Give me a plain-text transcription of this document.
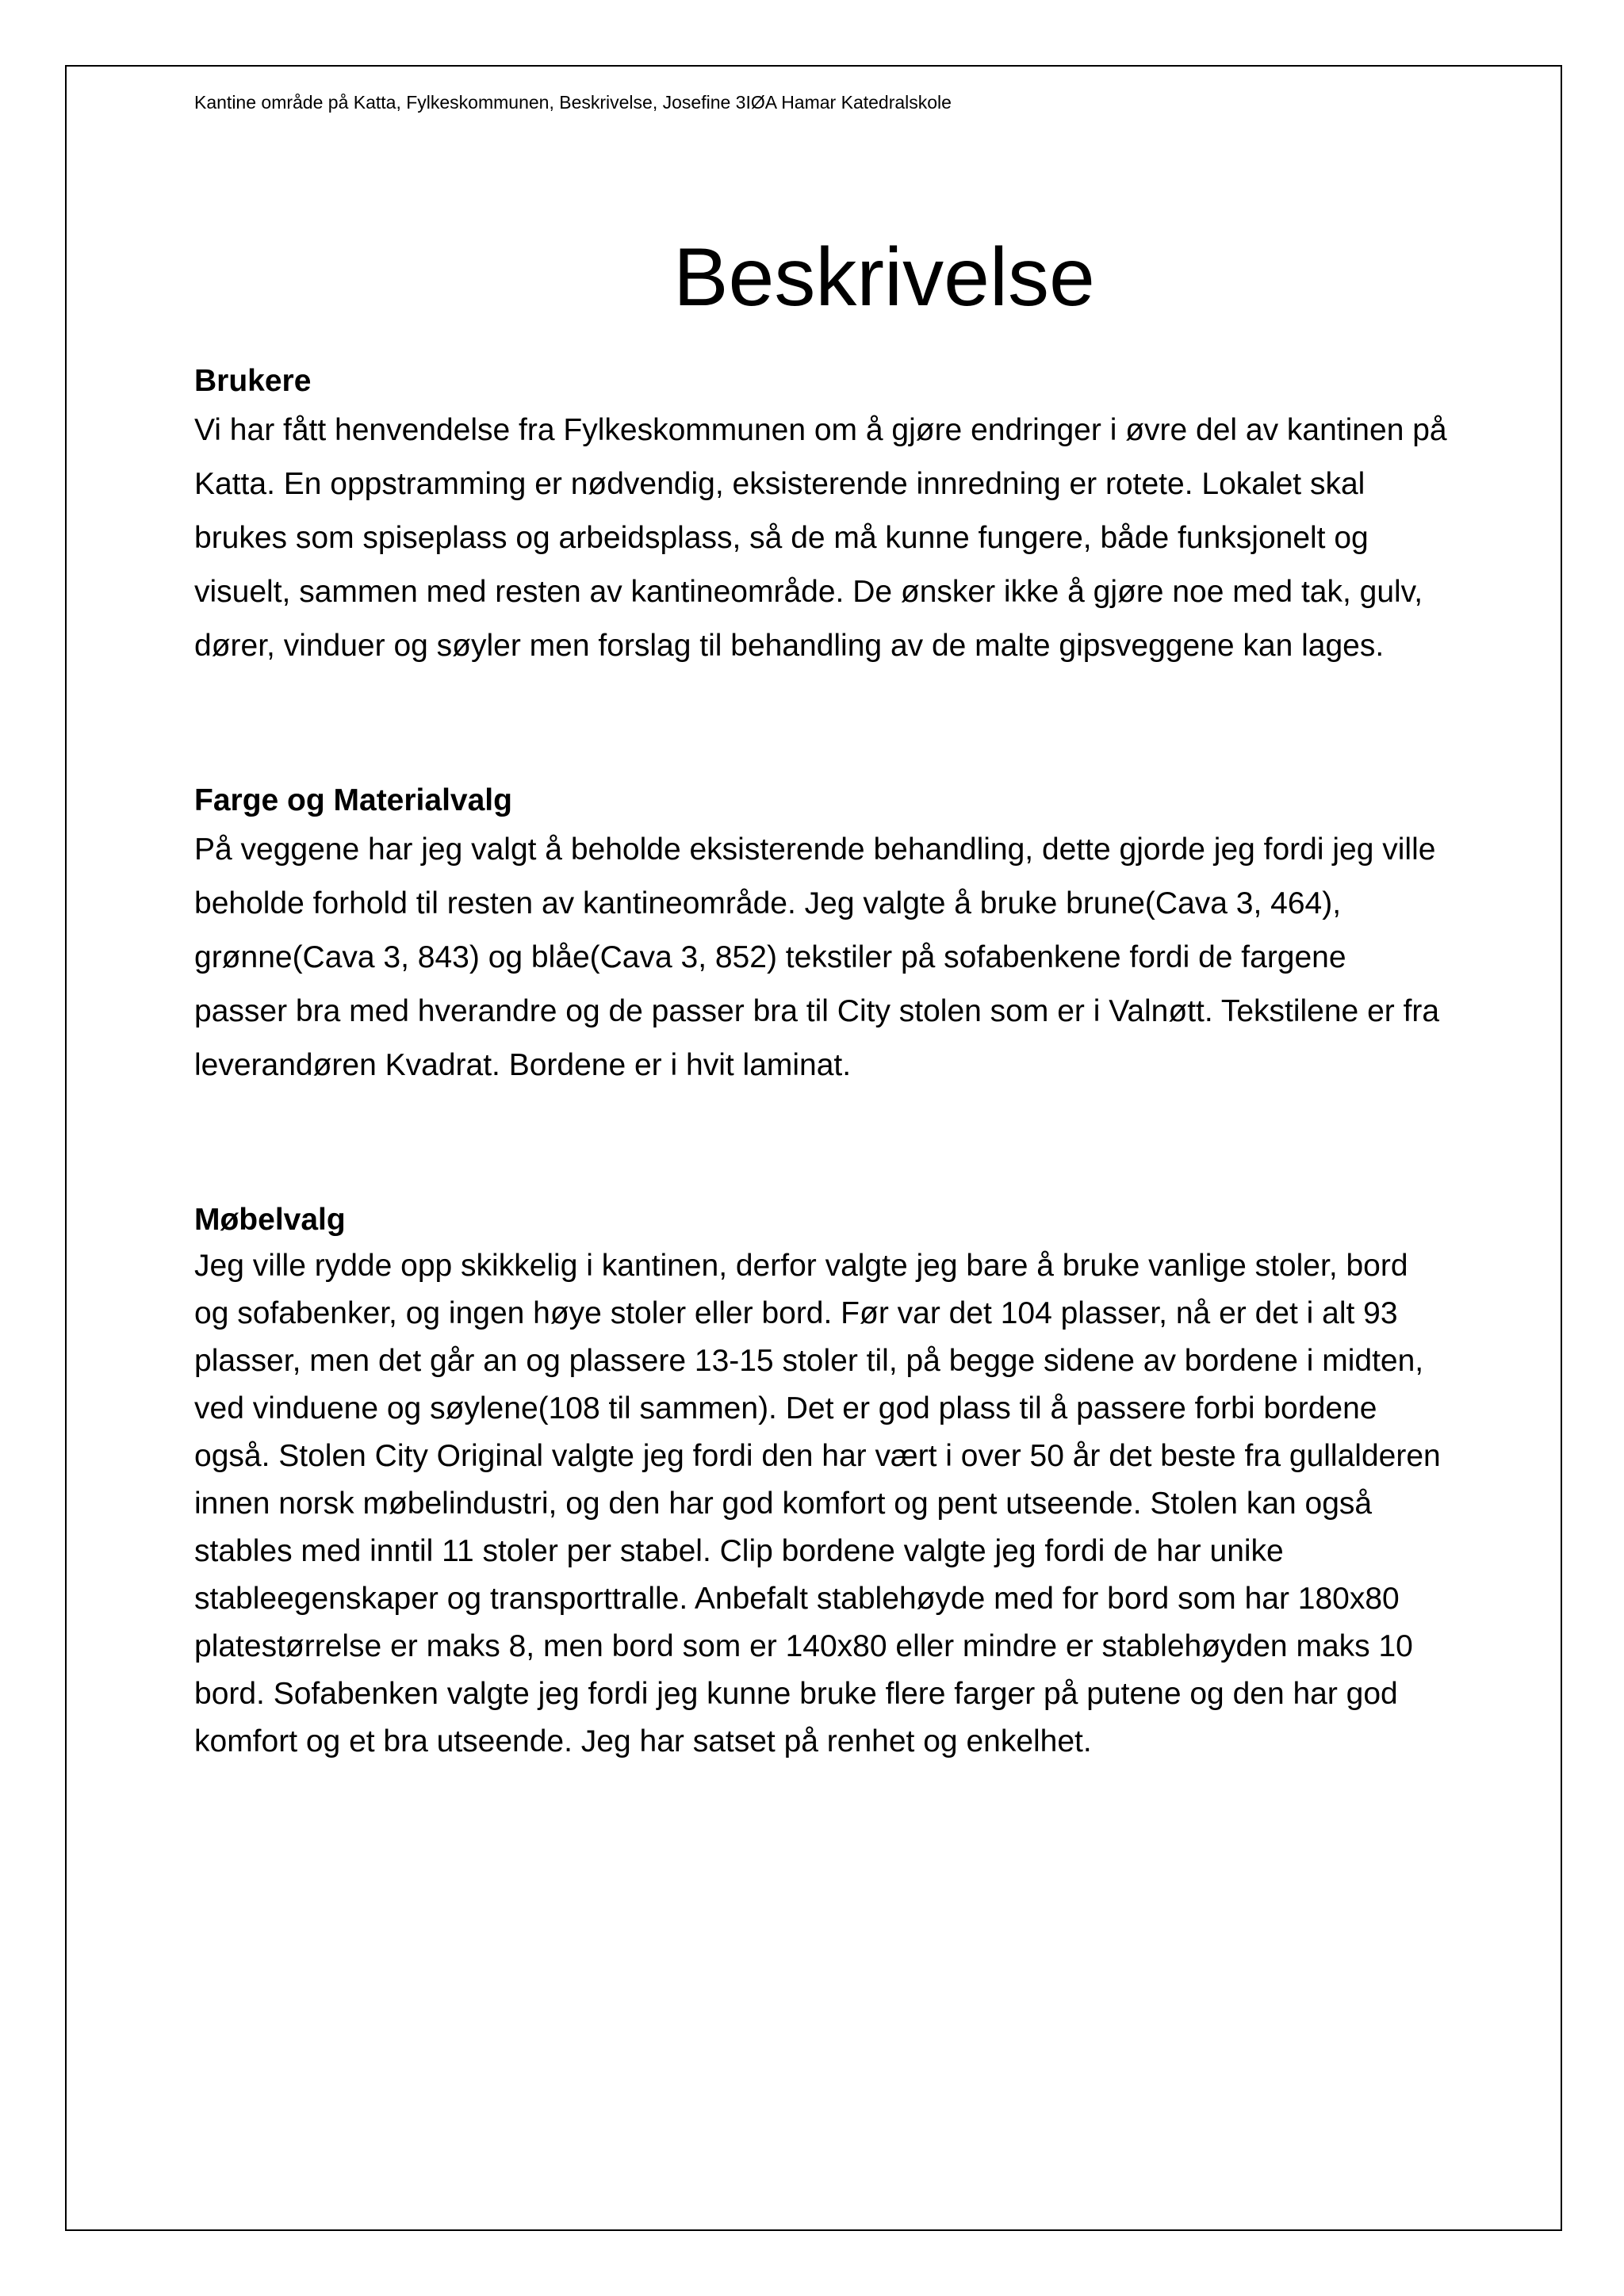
Kantine område på Katta, Fylkeskommunen, Beskrivelse, Josefine 3IØA Hamar Katedralskole

Beskrivelse
Brukere

Vi har fått henvendelse fra Fylkeskommunen om å gjøre endringer i øvre del av kantinen på Katta. En oppstramming er nødvendig, eksisterende innredning er rotete. Lokalet skal brukes som spiseplass og arbeidsplass, så de må kunne fungere, både funksjonelt og visuelt, sammen med resten av kantineområde. De ønsker ikke å gjøre noe med tak, gulv, dører, vinduer og søyler men forslag til behandling av de malte gipsveggene kan lages.

Farge og Materialvalg

På veggene har jeg valgt å beholde eksisterende behandling, dette gjorde jeg fordi jeg ville beholde forhold til resten av kantineområde. Jeg valgte å bruke brune(Cava 3, 464), grønne(Cava 3, 843) og blåe(Cava 3, 852) tekstiler på sofabenkene fordi de fargene passer bra med hverandre og de passer bra til City stolen som er i Valnøtt. Tekstilene er fra leverandøren Kvadrat. Bordene er i hvit laminat.

Møbelvalg

Jeg ville rydde opp skikkelig i kantinen, derfor valgte jeg bare å bruke vanlige stoler, bord og sofabenker, og ingen høye stoler eller bord. Før var det 104 plasser, nå er det i alt 93 plasser, men det går an og plassere 13-15 stoler til, på begge sidene av bordene i midten, ved vinduene og søylene(108 til sammen). Det er god plass til å passere forbi bordene også. Stolen City Original valgte jeg fordi den har vært i over 50 år det beste fra gullalderen innen norsk møbelindustri, og den har god komfort og pent utseende. Stolen kan også stables med inntil 11 stoler per stabel. Clip bordene valgte jeg fordi de har unike stableegenskaper og transporttralle. Anbefalt stablehøyde med for bord som har 180x80 platestørrelse er maks 8, men bord som er 140x80 eller mindre er stablehøyden maks 10 bord. Sofabenken valgte jeg fordi jeg kunne bruke flere farger på putene og den har god komfort og et bra utseende. Jeg har satset på renhet og enkelhet.
